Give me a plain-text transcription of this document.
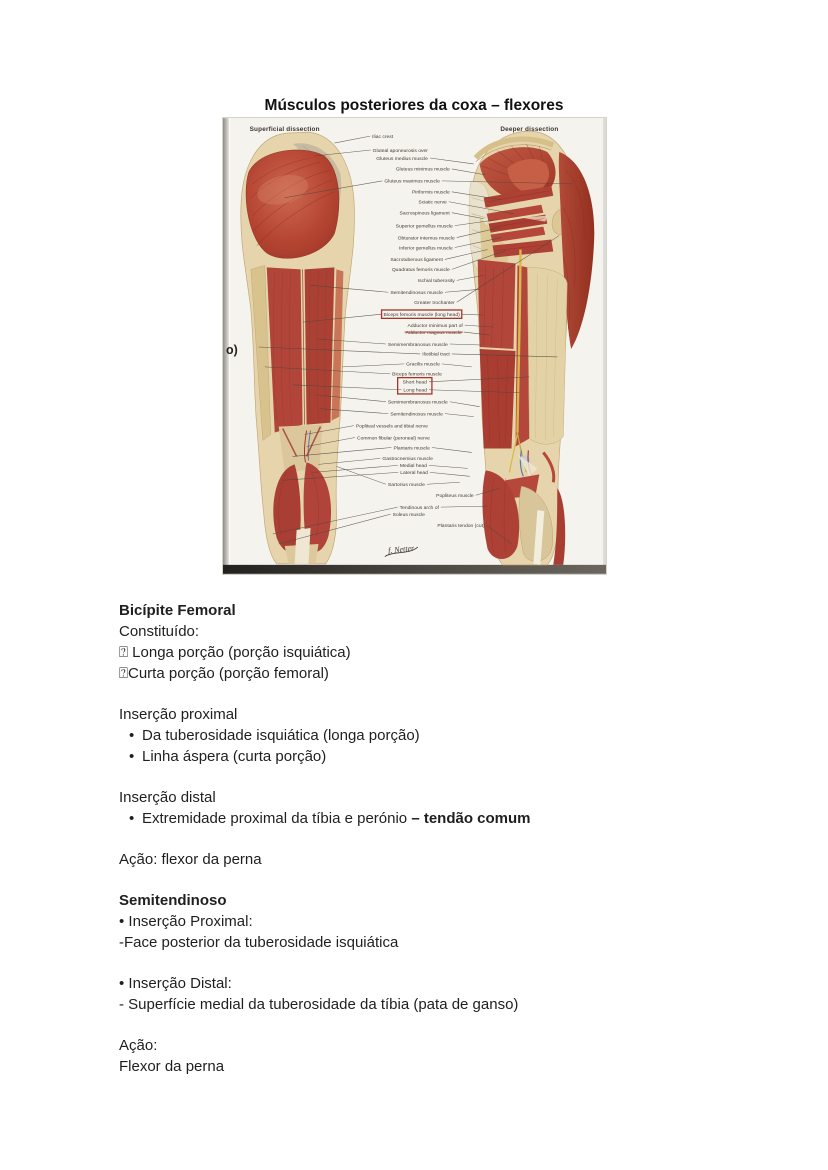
Músculos posteriores da coxa – flexores
Iliac crest
Gluteal aponeurosis over
Gluteus medius muscle
Gluteus minimus muscle
Gluteus maximus muscle
Piriformis muscle
Sciatic nerve
Sacrospinous ligament
Superior gemellus muscle
Obturator internus muscle
Inferior gemellus muscle
Sacrotuberous ligament
Quadratus femoris muscle
Ischial tuberosity
Semitendinosus muscle
Greater trochanter
Biceps femoris muscle (long head)
Adductor minimus part of
Adductor magnus muscle
Semimembranosus muscle
Iliotibial tract
Gracilis muscle
Biceps femoris muscle
Short head
Long head
Semimembranosus muscle
Semitendinosus muscle
Popliteal vessels and tibial nerve
Common fibular (peroneal) nerve
Plantaris muscle
Gastrocnemius muscle
Medial head
Lateral head
Sartorius muscle
Popliteus muscle
Tendinous arch of
Soleus muscle
Plantaris tendon (cut)
Superficial dissection	Deeper dissection
o)
f. Netter
Bicípite Femoral
Constituído:
⍰ Longa porção (porção isquiática)
⍰Curta porção (porção femoral)
Inserção proximal
• Da tuberosidade isquiática (longa porção)
• Linha áspera (curta porção)
Inserção distal
• Extremidade proximal da tíbia e perónio – tendão comum
Ação: flexor da perna
Semitendinoso
• Inserção Proximal:
-Face posterior da tuberosidade isquiática
• Inserção Distal:
- Superfície medial da tuberosidade da tíbia (pata de ganso)
Ação:
Flexor da perna
